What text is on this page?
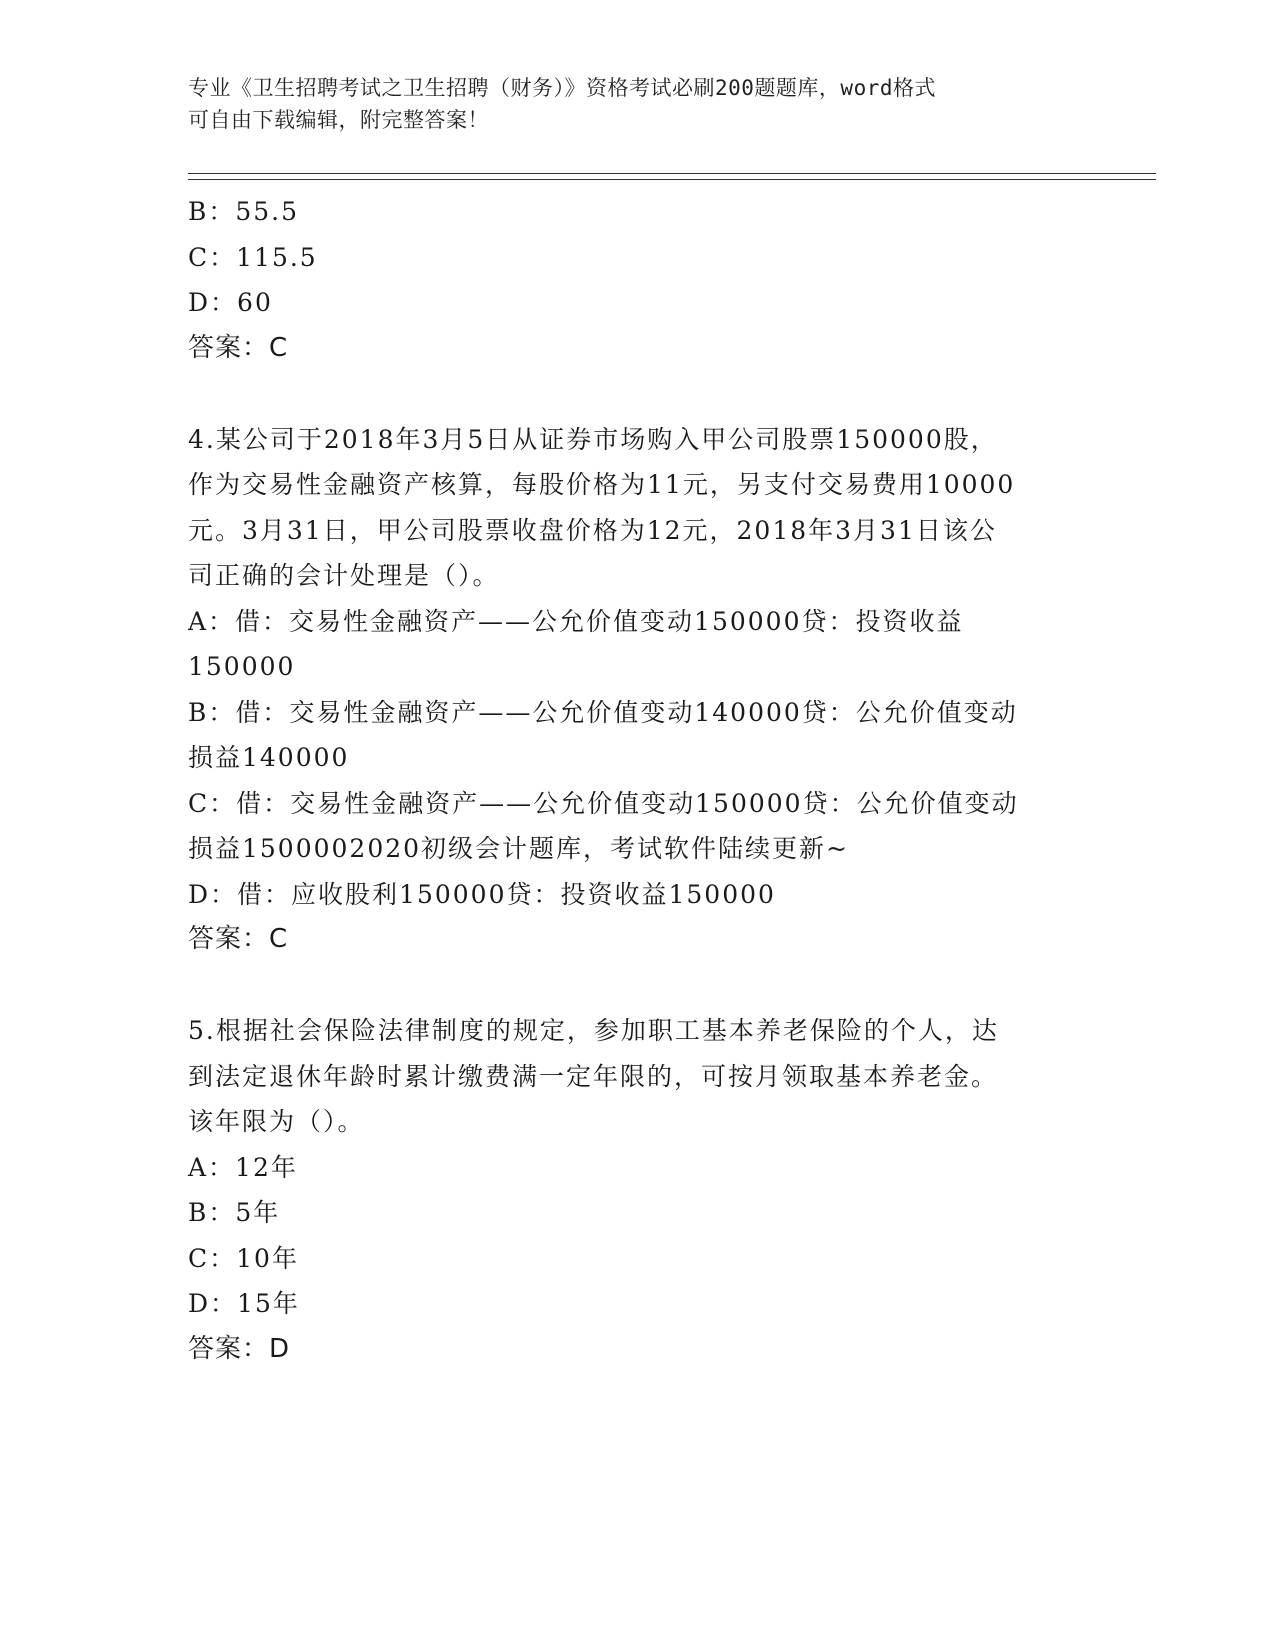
专业《卫生招聘考试之卫生招聘（财务）》资格考试必刷200题题库，word格式
可自由下载编辑，附完整答案！
B：55.5
C：115.5
D：60
答案：C
4.某公司于2018年3月5日从证券市场购入甲公司股票150000股，
作为交易性金融资产核算，每股价格为11元，另支付交易费用10000
元。3月31日，甲公司股票收盘价格为12元，2018年3月31日该公
司正确的会计处理是（）。
A：借：交易性金融资产——公允价值变动150000贷：投资收益
150000
B：借：交易性金融资产——公允价值变动140000贷：公允价值变动
损益140000
C：借：交易性金融资产——公允价值变动150000贷：公允价值变动
损益1500002020初级会计题库，考试软件陆续更新~
D：借：应收股利150000贷：投资收益150000
答案：C
5.根据社会保险法律制度的规定，参加职工基本养老保险的个人，达
到法定退休年龄时累计缴费满一定年限的，可按月领取基本养老金。
该年限为（）。
A：12年
B：5年
C：10年
D：15年
答案：D
